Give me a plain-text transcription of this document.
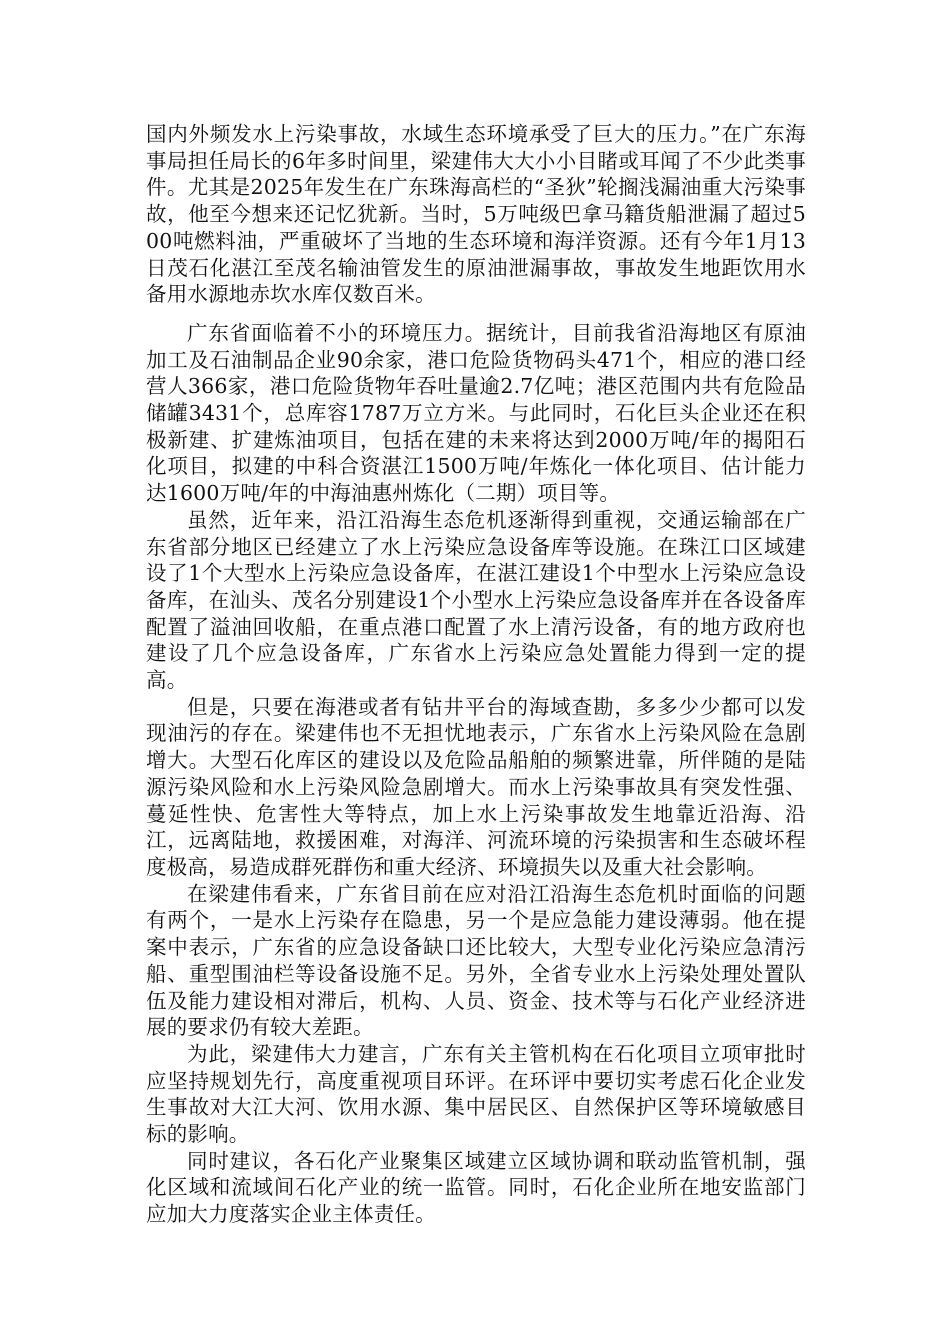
国内外频发水上污染事故，水域生态环境承受了巨大的压力。”在广东海事局担任局长的6年多时间里，梁建伟大大小小目睹或耳闻了不少此类事件。尤其是2025年发生在广东珠海高栏的“圣狄”轮搁浅漏油重大污染事故，他至今想来还记忆犹新。当时，5万吨级巴拿马籍货船泄漏了超过500吨燃料油，严重破坏了当地的生态环境和海洋资源。还有今年1月13日茂石化湛江至茂名输油管发生的原油泄漏事故，事故发生地距饮用水备用水源地赤坎水库仅数百米。

广东省面临着不小的环境压力。据统计，目前我省沿海地区有原油加工及石油制品企业90余家，港口危险货物码头471个，相应的港口经营人366家，港口危险货物年吞吐量逾2.7亿吨；港区范围内共有危险品储罐3431个，总库容1787万立方米。与此同时，石化巨头企业还在积极新建、扩建炼油项目，包括在建的未来将达到2000万吨/年的揭阳石化项目，拟建的中科合资湛江1500万吨/年炼化一体化项目、估计能力达1600万吨/年的中海油惠州炼化（二期）项目等。

虽然，近年来，沿江沿海生态危机逐渐得到重视，交通运输部在广东省部分地区已经建立了水上污染应急设备库等设施。在珠江口区域建设了1个大型水上污染应急设备库，在湛江建设1个中型水上污染应急设备库，在汕头、茂名分别建设1个小型水上污染应急设备库并在各设备库配置了溢油回收船，在重点港口配置了水上清污设备，有的地方政府也建设了几个应急设备库，广东省水上污染应急处置能力得到一定的提高。

但是，只要在海港或者有钻井平台的海域查勘，多多少少都可以发现油污的存在。梁建伟也不无担忧地表示，广东省水上污染风险在急剧增大。大型石化库区的建设以及危险品船舶的频繁进靠，所伴随的是陆源污染风险和水上污染风险急剧增大。而水上污染事故具有突发性强、蔓延性快、危害性大等特点，加上水上污染事故发生地靠近沿海、沿江，远离陆地，救援困难，对海洋、河流环境的污染损害和生态破坏程度极高，易造成群死群伤和重大经济、环境损失以及重大社会影响。

在梁建伟看来，广东省目前在应对沿江沿海生态危机时面临的问题有两个，一是水上污染存在隐患，另一个是应急能力建设薄弱。他在提案中表示，广东省的应急设备缺口还比较大，大型专业化污染应急清污船、重型围油栏等设备设施不足。另外，全省专业水上污染处理处置队伍及能力建设相对滞后，机构、人员、资金、技术等与石化产业经济进展的要求仍有较大差距。

为此，梁建伟大力建言，广东有关主管机构在石化项目立项审批时应坚持规划先行，高度重视项目环评。在环评中要切实考虑石化企业发生事故对大江大河、饮用水源、集中居民区、自然保护区等环境敏感目标的影响。

同时建议，各石化产业聚集区域建立区域协调和联动监管机制，强化区域和流域间石化产业的统一监管。同时，石化企业所在地安监部门应加大力度落实企业主体责任。
